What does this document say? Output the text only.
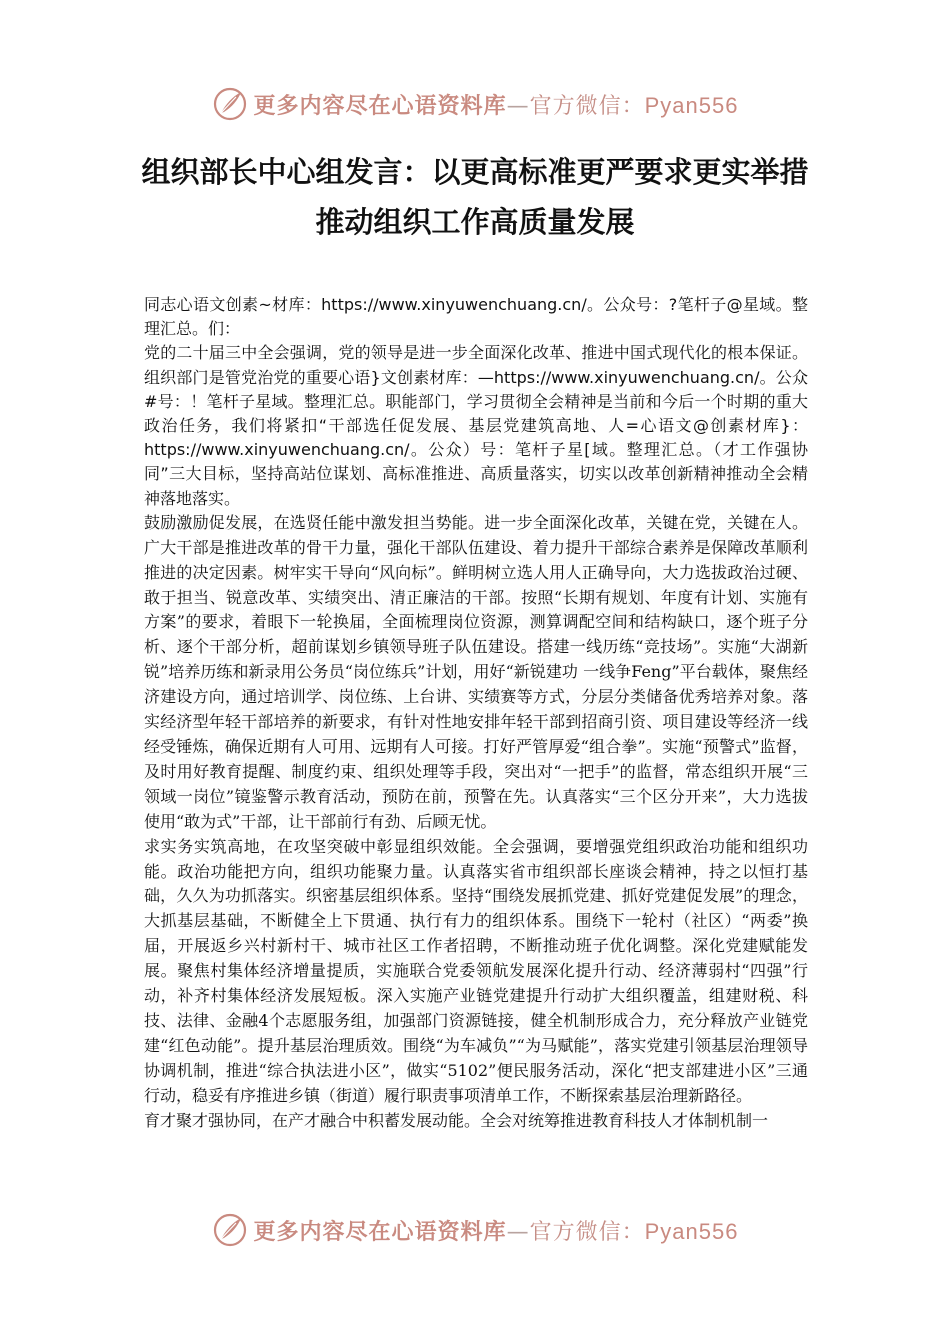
更多内容尽在心语资料库—官方微信：Pyan556
组织部长中心组发言：以更高标准更严要求更实举措
推动组织工作高质量发展

同志心语文创素~材库：https://www.xinyuwenchuang.cn/。公众号：?笔杆子@星域。整理汇总。们：

党的二十届三中全会强调，党的领导是进一步全面深化改革、推进中国式现代化的根本保证。组织部门是管党治党的重要心语}文创素材库：—https://www.xinyuwenchuang.cn/。公众#号：！笔杆子星域。整理汇总。职能部门，学习贯彻全会精神是当前和今后一个时期的重大政治任务，我们将紧扣“干部选任促发展、基层党建筑高地、人=心语文@创素材库}：https://www.xinyuwenchuang.cn/。公众）号：笔杆子星[域。整理汇总。（才工作强协同”三大目标，坚持高站位谋划、高标准推进、高质量落实，切实以改革创新精神推动全会精神落地落实。

鼓励激励促发展，在选贤任能中激发担当势能。进一步全面深化改革，关键在党，关键在人。广大干部是推进改革的骨干力量，强化干部队伍建设、着力提升干部综合素养是保障改革顺利推进的决定因素。树牢实干导向“风向标”。鲜明树立选人用人正确导向，大力选拔政治过硬、敢于担当、锐意改革、实绩突出、清正廉洁的干部。按照“长期有规划、年度有计划、实施有方案”的要求，着眼下一轮换届，全面梳理岗位资源，测算调配空间和结构缺口，逐个班子分析、逐个干部分析，超前谋划乡镇领导班子队伍建设。搭建一线历练“竞技场”。实施“大湖新锐”培养历练和新录用公务员“岗位练兵”计划，用好“新锐建功 一线争Feng”平台载体，聚焦经济建设方向，通过培训学、岗位练、上台讲、实绩赛等方式，分层分类储备优秀培养对象。落实经济型年轻干部培养的新要求，有针对性地安排年轻干部到招商引资、项目建设等经济一线经受锤炼，确保近期有人可用、远期有人可接。打好严管厚爱“组合拳”。实施“预警式”监督，及时用好教育提醒、制度约束、组织处理等手段，突出对“一把手”的监督，常态组织开展“三领域一岗位”镜鉴警示教育活动，预防在前，预警在先。认真落实“三个区分开来”，大力选拔使用“敢为式”干部，让干部前行有劲、后顾无忧。

求实务实筑高地，在攻坚突破中彰显组织效能。全会强调，要增强党组织政治功能和组织功能。政治功能把方向，组织功能聚力量。认真落实省市组织部长座谈会精神，持之以恒打基础，久久为功抓落实。织密基层组织体系。坚持“围绕发展抓党建、抓好党建促发展”的理念，大抓基层基础，不断健全上下贯通、执行有力的组织体系。围绕下一轮村（社区）“两委”换届，开展返乡兴村新村干、城市社区工作者招聘，不断推动班子优化调整。深化党建赋能发展。聚焦村集体经济增量提质，实施联合党委领航发展深化提升行动、经济薄弱村“四强”行动，补齐村集体经济发展短板。深入实施产业链党建提升行动扩大组织覆盖，组建财税、科技、法律、金融4个志愿服务组，加强部门资源链接，健全机制形成合力，充分释放产业链党建“红色动能”。提升基层治理质效。围绕“为车减负”“为马赋能”，落实党建引领基层治理领导协调机制，推进“综合执法进小区”，做实“5102”便民服务活动，深化“把支部建进小区”三通行动，稳妥有序推进乡镇（街道）履行职责事项清单工作，不断探索基层治理新路径。

育才聚才强协同，在产才融合中积蓄发展动能。全会对统筹推进教育科技人才体制机制一

更多内容尽在心语资料库—官方微信：Pyan556
